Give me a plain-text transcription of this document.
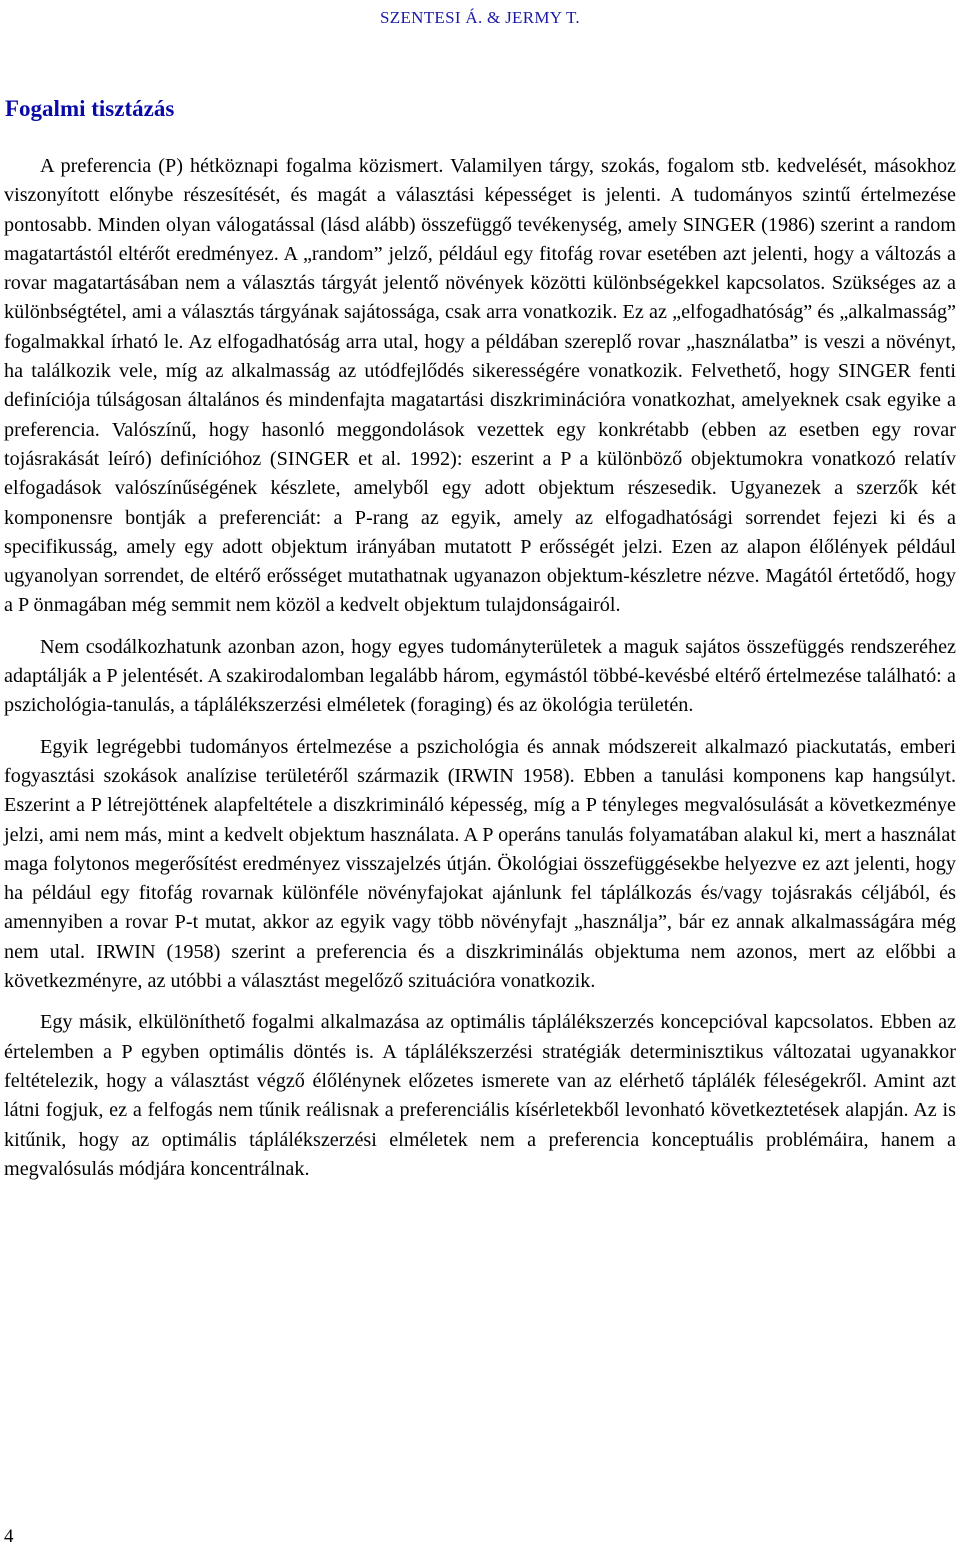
SZENTESI Á. & JERMY T.
Fogalmi tisztázás

A preferencia (P) hétköznapi fogalma közismert. Valamilyen tárgy, szokás, fogalom stb. kedvelését, másokhoz viszonyított előnybe részesítését, és magát a választási képességet is jelenti. A tudományos szintű értelmezése pontosabb. Minden olyan válogatással (lásd alább) összefüggő tevékenység, amely SINGER (1986) szerint a random magatartástól eltérőt eredményez. A „random” jelző, például egy fitofág rovar esetében azt jelenti, hogy a változás a rovar magatartásában nem a választás tárgyát jelentő növények közötti különbségekkel kapcsolatos. Szükséges az a különbségtétel, ami a választás tárgyának sajátossága, csak arra vonatkozik. Ez az „elfogadhatóság” és „alkalmasság” fogalmakkal írható le. Az elfogadhatóság arra utal, hogy a példában szereplő rovar „használatba” is veszi a növényt, ha találkozik vele, míg az alkalmasság az utódfejlődés sikerességére vonatkozik. Felvethető, hogy SINGER fenti definíciója túlságosan általános és mindenfajta magatartási diszkriminációra vonatkozhat, amelyeknek csak egyike a preferencia. Valószínű, hogy hasonló meggondolások vezettek egy konkrétabb (ebben az esetben egy rovar tojásrakását leíró) definícióhoz (SINGER et al. 1992): eszerint a P a különböző objektumokra vonatkozó relatív elfogadások valószínűségének készlete, amelyből egy adott objektum részesedik. Ugyanezek a szerzők két komponensre bontják a preferenciát: a P-rang az egyik, amely az elfogadhatósági sorrendet fejezi ki és a specifikusság, amely egy adott objektum irányában mutatott P erősségét jelzi. Ezen az alapon élőlények például ugyanolyan sorrendet, de eltérő erősséget mutathatnak ugyanazon objektum-készletre nézve. Magától értetődő, hogy a P önmagában még semmit nem közöl a kedvelt objektum tulajdonságairól.

Nem csodálkozhatunk azonban azon, hogy egyes tudományterületek a maguk sajátos összefüggés rendszeréhez adaptálják a P jelentését. A szakirodalomban legalább három, egymástól többé-kevésbé eltérő értelmezése található: a pszichológia-tanulás, a táplálékszerzési elméletek (foraging) és az ökológia területén.

Egyik legrégebbi tudományos értelmezése a pszichológia és annak módszereit alkalmazó piackutatás, emberi fogyasztási szokások analízise területéről származik (IRWIN 1958). Ebben a tanulási komponens kap hangsúlyt. Eszerint a P létrejöttének alapfeltétele a diszkrimináló képesség, míg a P tényleges megvalósulását a következménye jelzi, ami nem más, mint a kedvelt objektum használata. A P operáns tanulás folyamatában alakul ki, mert a használat maga folytonos megerősítést eredményez visszajelzés útján. Ökológiai összefüggésekbe helyezve ez azt jelenti, hogy ha például egy fitofág rovarnak különféle növényfajokat ajánlunk fel táplálkozás és/vagy tojásrakás céljából, és amennyiben a rovar P-t mutat, akkor az egyik vagy több növényfajt „használja”, bár ez annak alkalmasságára még nem utal. IRWIN (1958) szerint a preferencia és a diszkriminálás objektuma nem azonos, mert az előbbi a következményre, az utóbbi a választást megelőző szituációra vonatkozik.

Egy másik, elkülöníthető fogalmi alkalmazása az optimális táplálékszerzés koncepcióval kapcsolatos. Ebben az értelemben a P egyben optimális döntés is. A táplálékszerzési stratégiák determinisztikus változatai ugyanakkor feltételezik, hogy a választást végző élőlénynek előzetes ismerete van az elérhető táplálék féleségekről. Amint azt látni fogjuk, ez a felfogás nem tűnik reálisnak a preferenciális kísérletekből levonható következtetések alapján. Az is kitűnik, hogy az optimális táplálékszerzési elméletek nem a preferencia konceptuális problémáira, hanem a megvalósulás módjára koncentrálnak.

4
